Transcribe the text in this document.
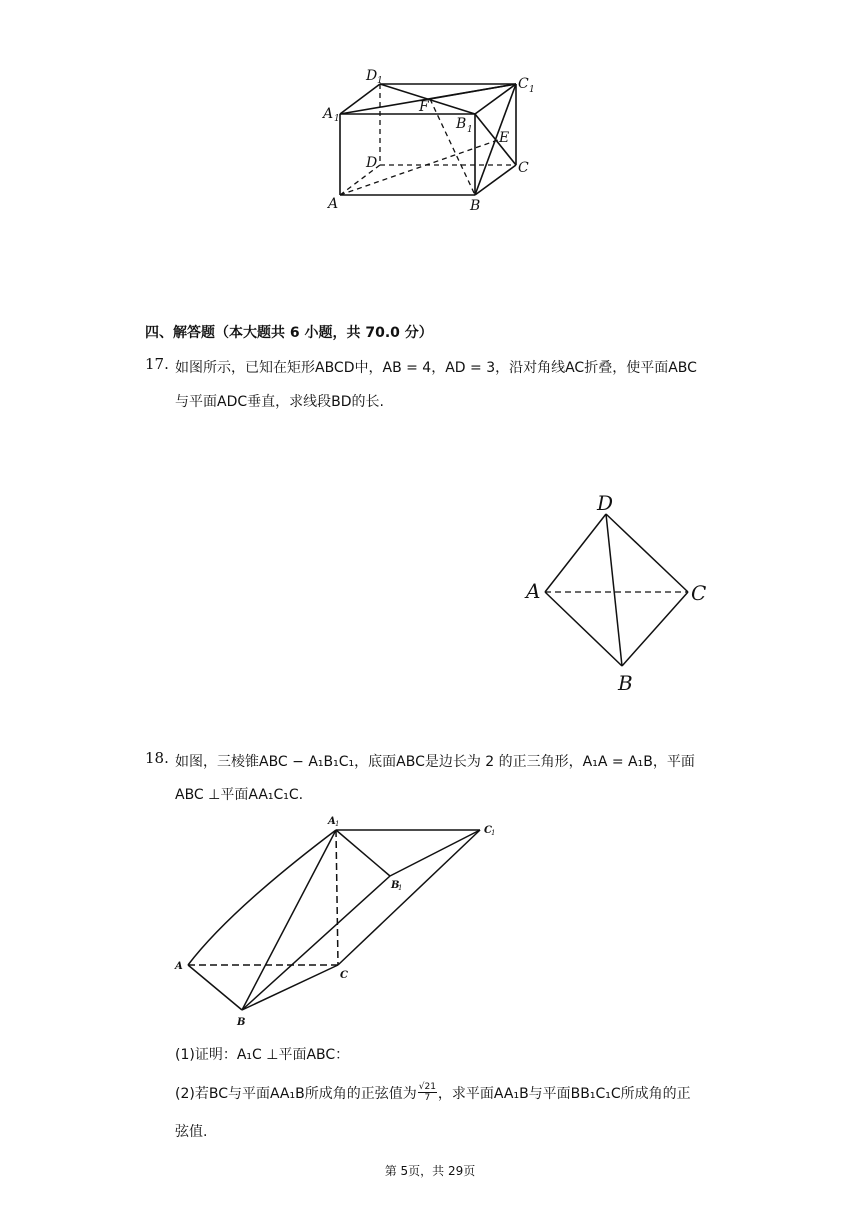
D 1	C 1
A 1
F
B 1 E
D	C
A	B
四、解答题（本大题共 6 小题，共 70.0 分）
17. 如图所示，已知在矩形ABCD中，AB = 4，AD = 3，沿对角线AC折叠，使平面ABC
与平面ADC垂直，求线段BD的长.
D
A	C
B
18. 如图，三棱锥ABC − A₁B₁C₁，底面ABC是边长为 2 的正三角形，A₁A = A₁B，平面
ABC ⊥平面AA₁C₁C.
A 1
C 1
B
1
A
C
B
(1)证明：A₁C ⊥平面ABC：
(2)若BC与平面AA₁B所成角的正弦值为 $\frac{√21}{7}$ ，求平面AA₁B与平面BB₁C₁C所成角的正
弦值.
第 5页，共 29页
